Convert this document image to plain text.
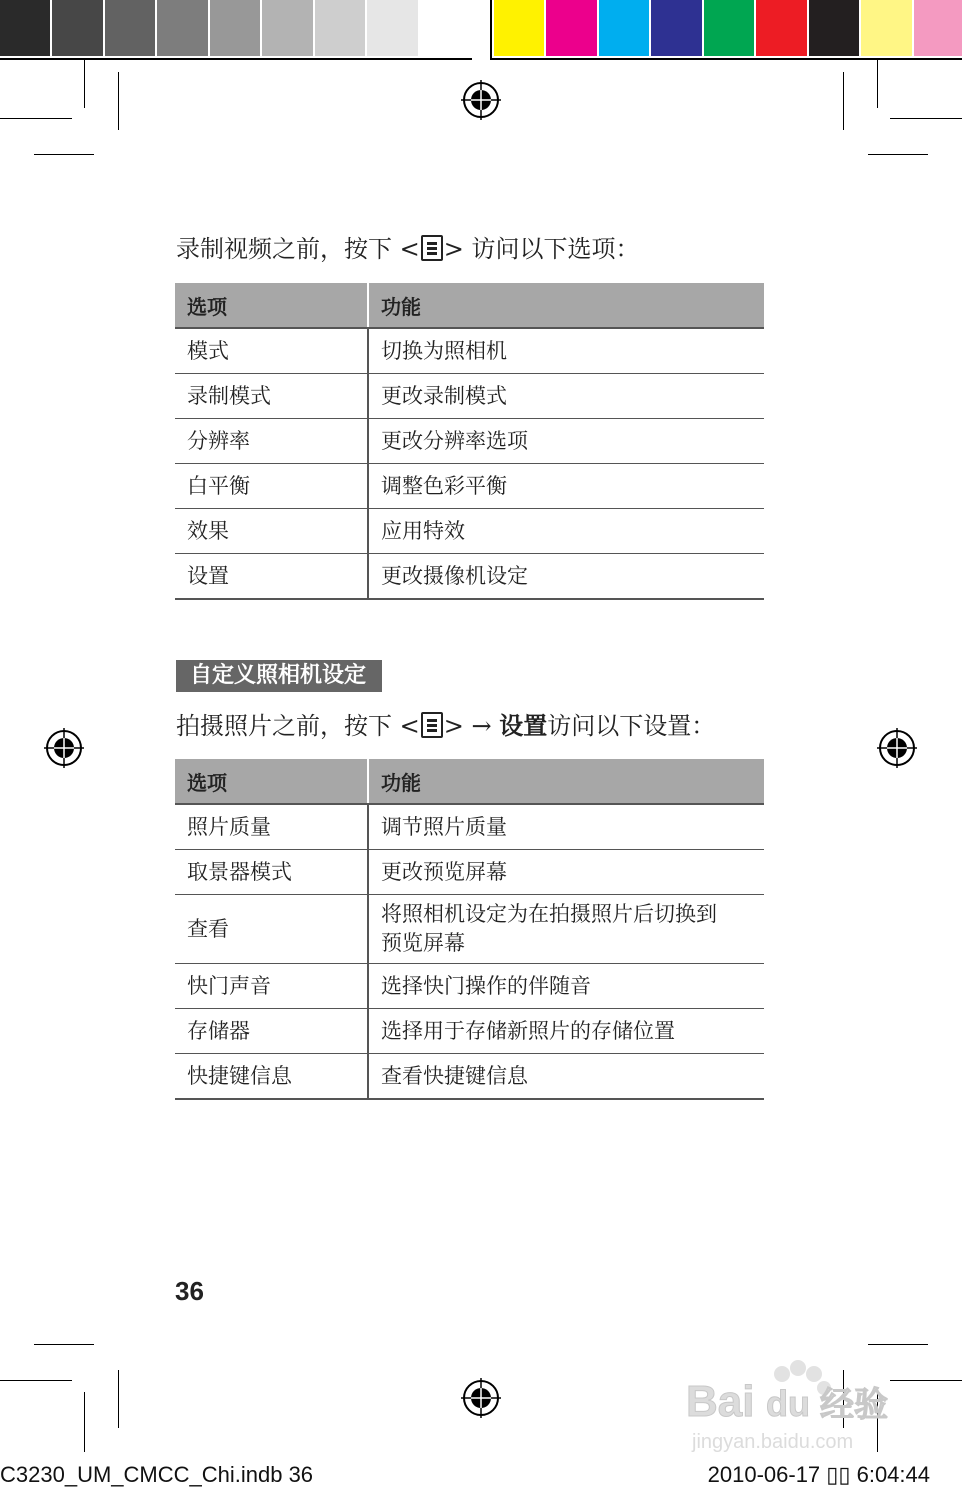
录制视频之前，按下 < > 访问以下选项：
选项	功能
模式	切换为照相机
录制模式	更改录制模式
分辨率	更改分辨率选项
白平衡	调整色彩平衡
效果	应用特效
设置	更改摄像机设定
自定义照相机设定
拍摄照片之前，按下 < > → 设置访问以下设置：
选项	功能
照片质量	调节照片质量
取景器模式	更改预览屏幕
查看	将照相机设定为在拍摄照片后切换到预览屏幕
快门声音	选择快门操作的伴随音
存储器	选择用于存储新照片的存储位置
快捷键信息	查看快捷键信息
36
Bai du 经验
jingyan.baidu.com
C3230_UM_CMCC_Chi.indb 36	2010-06-17 ▯▯ 6:04:44
